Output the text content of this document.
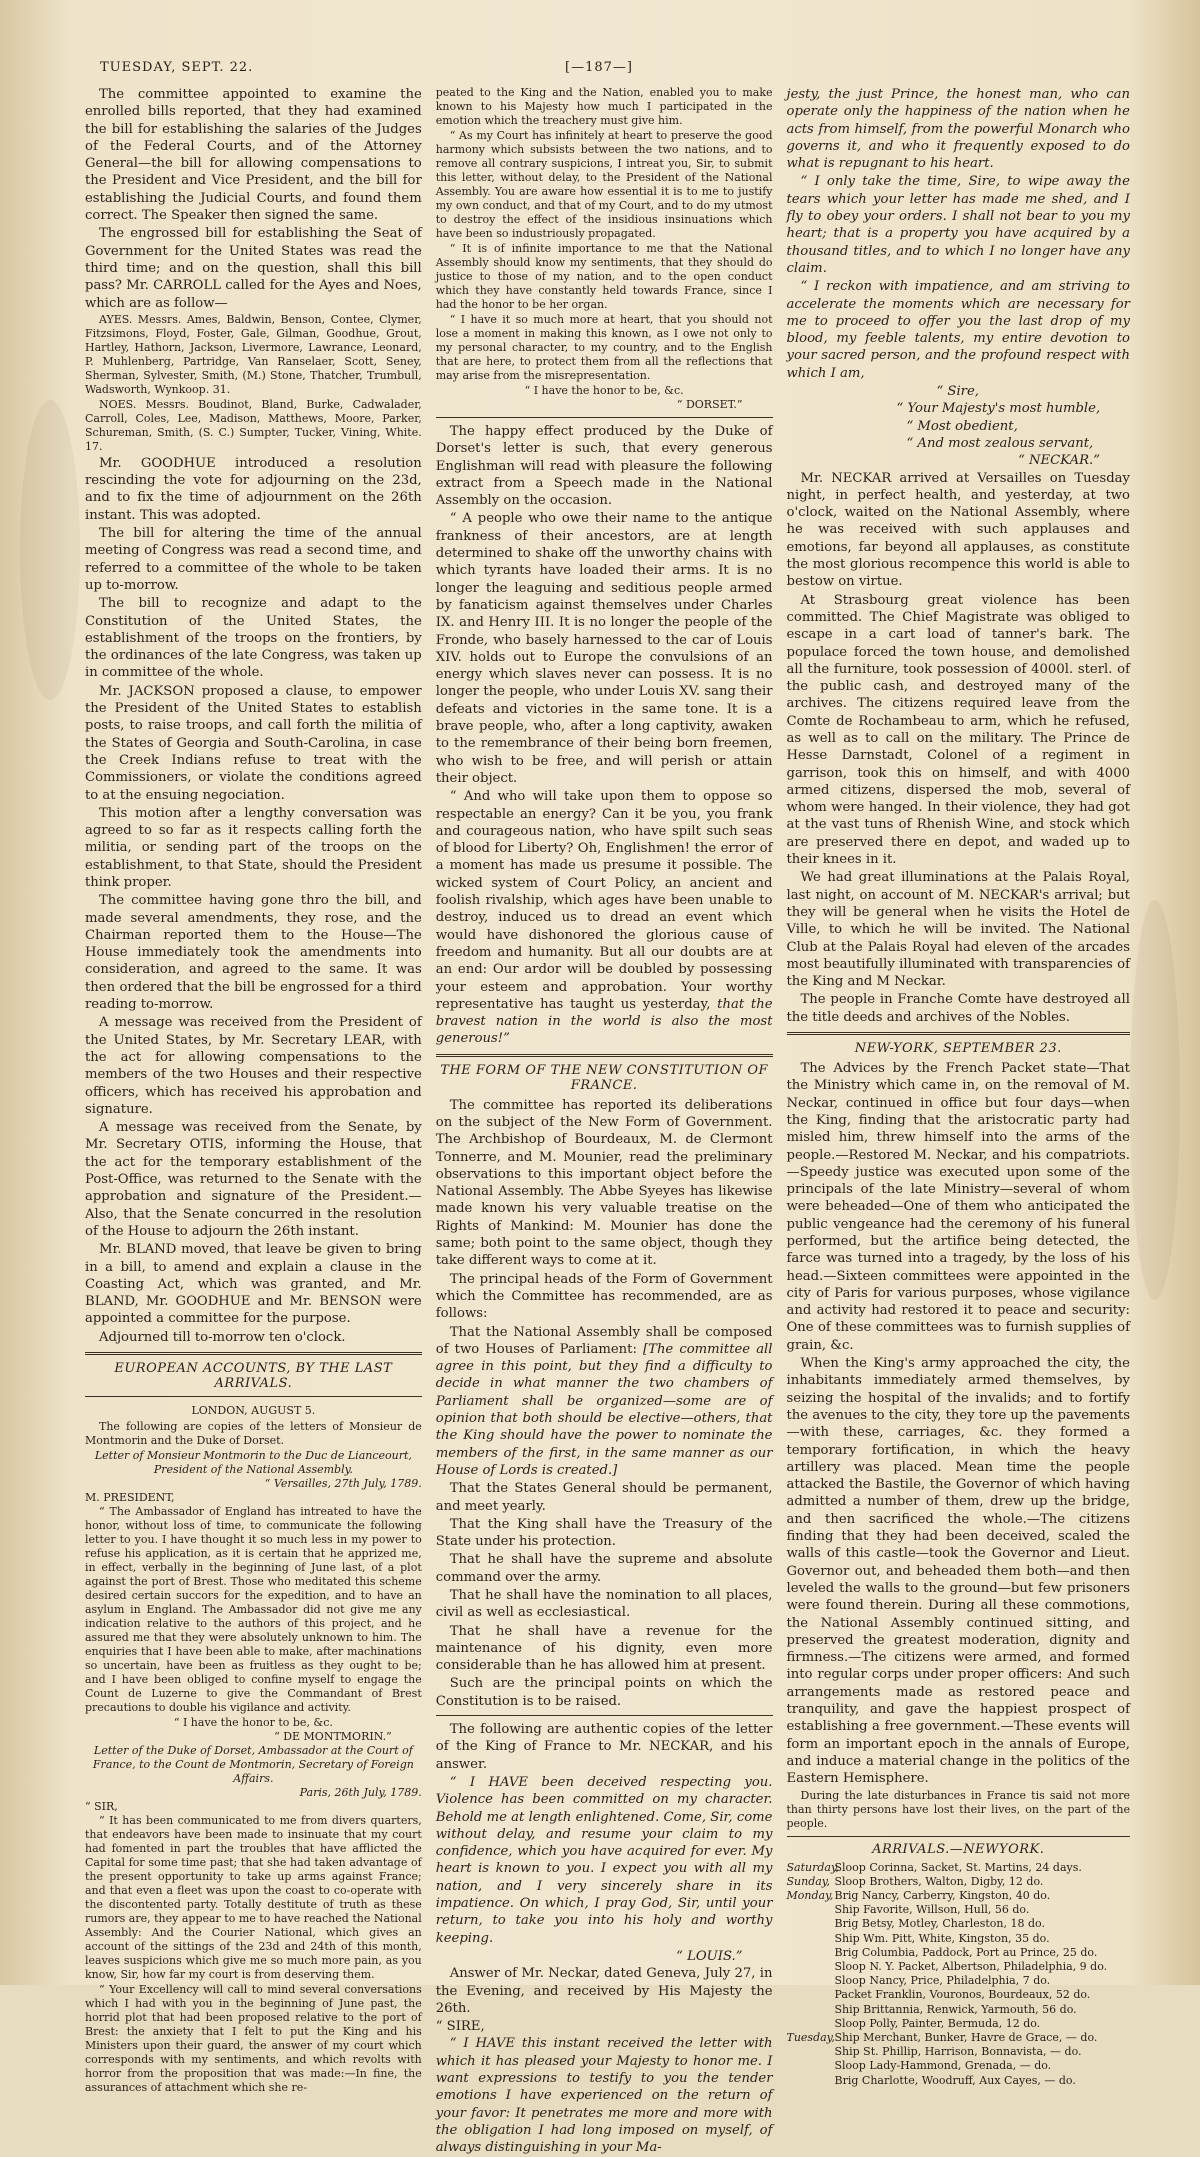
TUESDAY, SEPT. 22.	[—187—]

The committee appointed to examine the enrolled bills reported, that they had examined the bill for establishing the salaries of the Judges of the Federal Courts, and of the Attorney General—the bill for allowing compensations to the President and Vice President, and the bill for establishing the Judicial Courts, and found them correct. The Speaker then signed the same.

The engrossed bill for establishing the Seat of Government for the United States was read the third time; and on the question, shall this bill pass? Mr. CARROLL called for the Ayes and Noes, which are as follow—

AYES. Messrs. Ames, Baldwin, Benson, Contee, Clymer, Fitzsimons, Floyd, Foster, Gale, Gilman, Goodhue, Grout, Hartley, Hathorn, Jackson, Livermore, Lawrance, Leonard, P. Muhlenberg, Partridge, Van Ranselaer, Scott, Seney, Sherman, Sylvester, Smith, (M.) Stone, Thatcher, Trumbull, Wadsworth, Wynkoop. 31.

NOES. Messrs. Boudinot, Bland, Burke, Cadwalader, Carroll, Coles, Lee, Madison, Matthews, Moore, Parker, Schureman, Smith, (S. C.) Sumpter, Tucker, Vining, White. 17.

Mr. GOODHUE introduced a resolution rescinding the vote for adjourning on the 23d, and to fix the time of adjournment on the 26th instant. This was adopted.

The bill for altering the time of the annual meeting of Congress was read a second time, and referred to a committee of the whole to be taken up to-morrow.

The bill to recognize and adapt to the Constitution of the United States, the establishment of the troops on the frontiers, by the ordinances of the late Congress, was taken up in committee of the whole.

Mr. JACKSON proposed a clause, to empower the President of the United States to establish posts, to raise troops, and call forth the militia of the States of Georgia and South-Carolina, in case the Creek Indians refuse to treat with the Commissioners, or violate the conditions agreed to at the ensuing negociation.

This motion after a lengthy conversation was agreed to so far as it respects calling forth the militia, or sending part of the troops on the establishment, to that State, should the President think proper.

The committee having gone thro the bill, and made several amendments, they rose, and the Chairman reported them to the House—The House immediately took the amendments into consideration, and agreed to the same. It was then ordered that the bill be engrossed for a third reading to-morrow.

A message was received from the President of the United States, by Mr. Secretary LEAR, with the act for allowing compensations to the members of the two Houses and their respective officers, which has received his approbation and signature.

A message was received from the Senate, by Mr. Secretary OTIS, informing the House, that the act for the temporary establishment of the Post-Office, was returned to the Senate with the approbation and signature of the President.—Also, that the Senate concurred in the resolution of the House to adjourn the 26th instant.

Mr. BLAND moved, that leave be given to bring in a bill, to amend and explain a clause in the Coasting Act, which was granted, and Mr. BLAND, Mr. GOODHUE and Mr. BENSON were appointed a committee for the purpose.

Adjourned till to-morrow ten o'clock.

EUROPEAN ACCOUNTS, BY THE LAST ARRIVALS.
LONDON, AUGUST 5.

The following are copies of the letters of Monsieur de Montmorin and the Duke of Dorset.

Letter of Monsieur Montmorin to the Duc de Lianceourt, President of the National Assembly.
“ Versailles, 27th July, 1789.
M. PRESIDENT,

“ The Ambassador of England has intreated to have the honor, without loss of time, to communicate the following letter to you. I have thought it so much less in my power to refuse his application, as it is certain that he apprized me, in effect, verbally in the beginning of June last, of a plot against the port of Brest. Those who meditated this scheme desired certain succors for the expedition, and to have an asylum in England. The Ambassador did not give me any indication relative to the authors of this project, and he assured me that they were absolutely unknown to him. The enquiries that I have been able to make, after machinations so uncertain, have been as fruitless as they ought to be; and I have been obliged to confine myself to engage the Count de Luzerne to give the Commandant of Brest precautions to double his vigilance and activity.

“ I have the honor to be, &c.
“ DE MONTMORIN.”
Letter of the Duke of Dorset, Ambassador at the Court of France, to the Count de Montmorin, Secretary of Foreign Affairs.
Paris, 26th July, 1789.
“ SIR,

“ It has been communicated to me from divers quarters, that endeavors have been made to insinuate that my court had fomented in part the troubles that have afflicted the Capital for some time past; that she had taken advantage of the present opportunity to take up arms against France; and that even a fleet was upon the coast to co-operate with the discontented party. Totally destitute of truth as these rumors are, they appear to me to have reached the National Assembly: And the Courier National, which gives an account of the sittings of the 23d and 24th of this month, leaves suspicions which give me so much more pain, as you know, Sir, how far my court is from deserving them.

“ Your Excellency will call to mind several conversations which I had with you in the beginning of June past, the horrid plot that had been proposed relative to the port of Brest: the anxiety that I felt to put the King and his Ministers upon their guard, the answer of my court which corresponds with my sentiments, and which revolts with horror from the proposition that was made:—In fine, the assurances of attachment which she re-

peated to the King and the Nation, enabled you to make known to his Majesty how much I participated in the emotion which the treachery must give him.

“ As my Court has infinitely at heart to preserve the good harmony which subsists between the two nations, and to remove all contrary suspicions, I intreat you, Sir, to submit this letter, without delay, to the President of the National Assembly. You are aware how essential it is to me to justify my own conduct, and that of my Court, and to do my utmost to destroy the effect of the insidious insinuations which have been so industriously propagated.

“ It is of infinite importance to me that the National Assembly should know my sentiments, that they should do justice to those of my nation, and to the open conduct which they have constantly held towards France, since I had the honor to be her organ.

“ I have it so much more at heart, that you should not lose a moment in making this known, as I owe not only to my personal character, to my country, and to the English that are here, to protect them from all the reflections that may arise from the misrepresentation.

“ I have the honor to be, &c.
“ DORSET.”

The happy effect produced by the Duke of Dorset's letter is such, that every generous Englishman will read with pleasure the following extract from a Speech made in the National Assembly on the occasion.

“ A people who owe their name to the antique frankness of their ancestors, are at length determined to shake off the unworthy chains with which tyrants have loaded their arms. It is no longer the leaguing and seditious people armed by fanaticism against themselves under Charles IX. and Henry III. It is no longer the people of the Fronde, who basely harnessed to the car of Louis XIV. holds out to Europe the convulsions of an energy which slaves never can possess. It is no longer the people, who under Louis XV. sang their defeats and victories in the same tone. It is a brave people, who, after a long captivity, awaken to the remembrance of their being born freemen, who wish to be free, and will perish or attain their object.

“ And who will take upon them to oppose so respectable an energy? Can it be you, you frank and courageous nation, who have spilt such seas of blood for Liberty? Oh, Englishmen! the error of a moment has made us presume it possible. The wicked system of Court Policy, an ancient and foolish rivalship, which ages have been unable to destroy, induced us to dread an event which would have dishonored the glorious cause of freedom and humanity. But all our doubts are at an end: Our ardor will be doubled by possessing your esteem and approbation. Your worthy representative has taught us yesterday, that the bravest nation in the world is also the most generous!”

THE FORM OF THE NEW CONSTITUTION OF FRANCE.

The committee has reported its deliberations on the subject of the New Form of Government. The Archbishop of Bourdeaux, M. de Clermont Tonnerre, and M. Mounier, read the preliminary observations to this important object before the National Assembly. The Abbe Syeyes has likewise made known his very valuable treatise on the Rights of Mankind: M. Mounier has done the same; both point to the same object, though they take different ways to come at it.

The principal heads of the Form of Government which the Committee has recommended, are as follows:

That the National Assembly shall be composed of two Houses of Parliament: [The committee all agree in this point, but they find a difficulty to decide in what manner the two chambers of Parliament shall be organized—some are of opinion that both should be elective—others, that the King should have the power to nominate the members of the first, in the same manner as our House of Lords is created.]

That the States General should be permanent, and meet yearly.

That the King shall have the Treasury of the State under his protection.

That he shall have the supreme and absolute command over the army.

That he shall have the nomination to all places, civil as well as ecclesiastical.

That he shall have a revenue for the maintenance of his dignity, even more considerable than he has allowed him at present.

Such are the principal points on which the Constitution is to be raised.

The following are authentic copies of the letter of the King of France to Mr. NECKAR, and his answer.

“ I HAVE been deceived respecting you. Violence has been committed on my character. Behold me at length enlightened. Come, Sir, come without delay, and resume your claim to my confidence, which you have acquired for ever. My heart is known to you. I expect you with all my nation, and I very sincerely share in its impatience. On which, I pray God, Sir, until your return, to take you into his holy and worthy keeping.

“ LOUIS.”

Answer of Mr. Neckar, dated Geneva, July 27, in the Evening, and received by His Majesty the 26th.

“ SIRE,

“ I HAVE this instant received the letter with which it has pleased your Majesty to honor me. I want expressions to testify to you the tender emotions I have experienced on the return of your favor: It penetrates me more and more with the obligation I had long imposed on myself, of always distinguishing in your Ma-

jesty, the just Prince, the honest man, who can operate only the happiness of the nation when he acts from himself, from the powerful Monarch who governs it, and who it frequently exposed to do what is repugnant to his heart.

“ I only take the time, Sire, to wipe away the tears which your letter has made me shed, and I fly to obey your orders. I shall not bear to you my heart; that is a property you have acquired by a thousand titles, and to which I no longer have any claim.

“ I reckon with impatience, and am striving to accelerate the moments which are necessary for me to proceed to offer you the last drop of my blood, my feeble talents, my entire devotion to your sacred person, and the profound respect with which I am,

“ Sire,
“ Your Majesty's most humble,
“ Most obedient,
“ And most zealous servant,
“ NECKAR.”

Mr. NECKAR arrived at Versailles on Tuesday night, in perfect health, and yesterday, at two o'clock, waited on the National Assembly, where he was received with such applauses and emotions, far beyond all applauses, as constitute the most glorious recompence this world is able to bestow on virtue.

At Strasbourg great violence has been committed. The Chief Magistrate was obliged to escape in a cart load of tanner's bark. The populace forced the town house, and demolished all the furniture, took possession of 4000l. sterl. of the public cash, and destroyed many of the archives. The citizens required leave from the Comte de Rochambeau to arm, which he refused, as well as to call on the military. The Prince de Hesse Darnstadt, Colonel of a regiment in garrison, took this on himself, and with 4000 armed citizens, dispersed the mob, several of whom were hanged. In their violence, they had got at the vast tuns of Rhenish Wine, and stock which are preserved there en depot, and waded up to their knees in it.

We had great illuminations at the Palais Royal, last night, on account of M. NECKAR's arrival; but they will be general when he visits the Hotel de Ville, to which he will be invited. The National Club at the Palais Royal had eleven of the arcades most beautifully illuminated with transparencies of the King and M Neckar.

The people in Franche Comte have destroyed all the title deeds and archives of the Nobles.

NEW-YORK, SEPTEMBER 23.

The Advices by the French Packet state—That the Ministry which came in, on the removal of M. Neckar, continued in office but four days—when the King, finding that the aristocratic party had misled him, threw himself into the arms of the people.—Restored M. Neckar, and his compatriots.—Speedy justice was executed upon some of the principals of the late Ministry—several of whom were beheaded—One of them who anticipated the public vengeance had the ceremony of his funeral performed, but the artifice being detected, the farce was turned into a tragedy, by the loss of his head.—Sixteen committees were appointed in the city of Paris for various purposes, whose vigilance and activity had restored it to peace and security: One of these committees was to furnish supplies of grain, &c.

When the King's army approached the city, the inhabitants immediately armed themselves, by seizing the hospital of the invalids; and to fortify the avenues to the city, they tore up the pavements—with these, carriages, &c. they formed a temporary fortification, in which the heavy artillery was placed. Mean time the people attacked the Bastile, the Governor of which having admitted a number of them, drew up the bridge, and then sacrificed the whole.—The citizens finding that they had been deceived, scaled the walls of this castle—took the Governor and Lieut. Governor out, and beheaded them both—and then leveled the walls to the ground—but few prisoners were found therein. During all these commotions, the National Assembly continued sitting, and preserved the greatest moderation, dignity and firmness.—The citizens were armed, and formed into regular corps under proper officers: And such arrangements made as restored peace and tranquility, and gave the happiest prospect of establishing a free government.—These events will form an important epoch in the annals of Europe, and induce a material change in the politics of the Eastern Hemisphere.

During the late disturbances in France tis said not more than thirty persons have lost their lives, on the part of the people.

ARRIVALS.—NEWYORK.
Saturday,
Sloop Corinna, Sacket, St. Martins, 24 days.
Sunday, Sloop Brothers, Walton, Digby, 12 do.
Monday, Brig Nancy, Carberry, Kingston, 40 do.
Ship Favorite, Willson, Hull, 56 do.
Brig Betsy, Motley, Charleston, 18 do.
Ship Wm. Pitt, White, Kingston, 35 do.
Brig Columbia, Paddock, Port au Prince, 25 do.
Sloop N. Y. Packet, Albertson, Philadelphia, 9 do.
Sloop Nancy, Price, Philadelphia, 7 do.
Packet Franklin, Vouronos, Bourdeaux, 52 do.
Ship Brittannia, Renwick, Yarmouth, 56 do.
Sloop Polly, Painter, Bermuda, 12 do.
Tuesday, Ship Merchant, Bunker, Havre de Grace, — do.
Ship St. Phillip, Harrison, Bonnavista, — do.
Sloop Lady-Hammond, Grenada, — do.
Brig Charlotte, Woodruff, Aux Cayes, — do.
